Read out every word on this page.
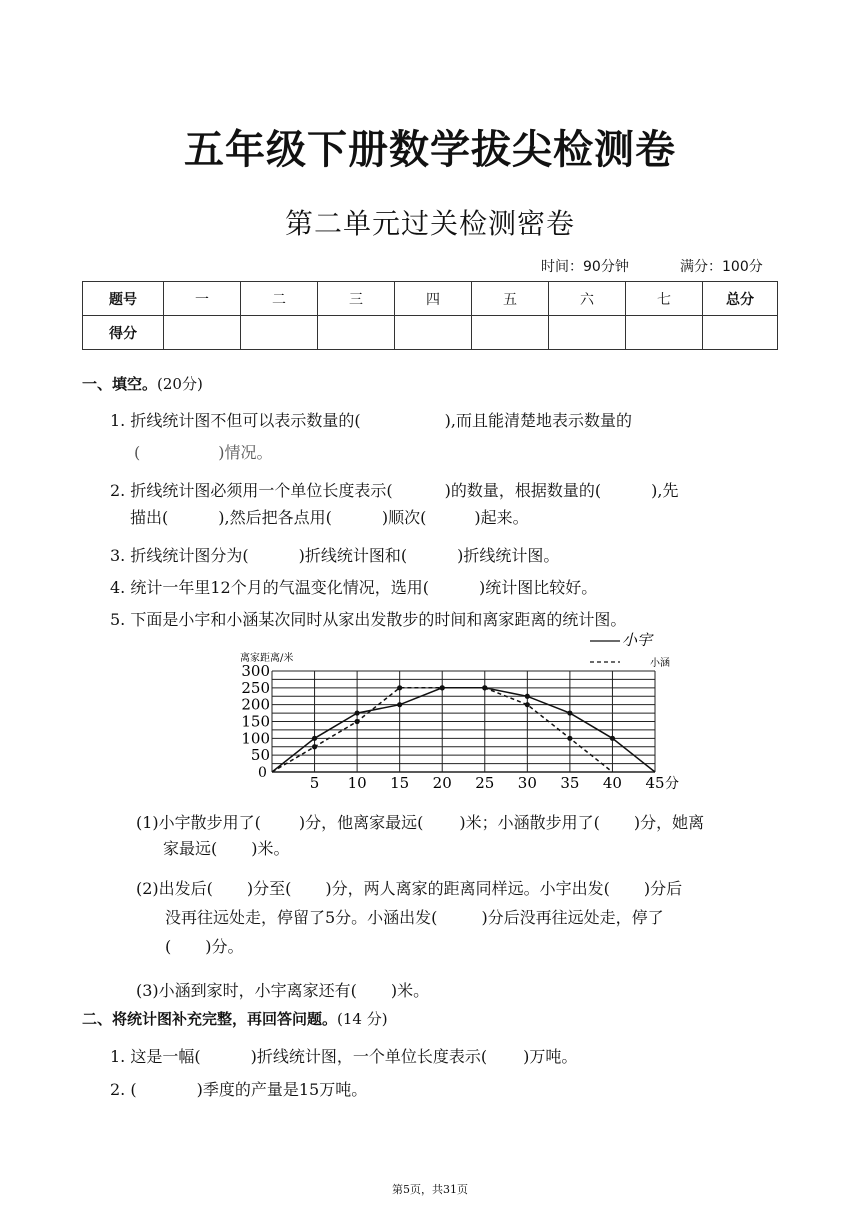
五年级下册数学拔尖检测卷
第二单元过关检测密卷
时间：90分钟	满分：100分
题号	一	二	三	四	五	六	七	总分
得分								
一、填空。(20分)
1. 折线统计图不但可以表示数量的(	),而且能清楚地表示数量的
(	)情况。
2. 折线统计图必须用一个单位长度表示(	)的数量，根据数量的(	),先
描出(	),然后把各点用(	)顺次(	)起来。
3. 折线统计图分为(	)折线统计图和(	)折线统计图。
4. 统计一年里12个月的气温变化情况，选用(	)统计图比较好。
5. 下面是小宇和小涵某次同时从家出发散步的时间和离家距离的统计图。
300
250
200
150
100
50
5 10 15 20 25 30 35 40 45
小宇
小涵
离家距离/米
0
分
(1)小宇散步用了( )分，他离家最远( )米；小涵散步用了( )分，她离
家最远( )米。
(2)出发后( )分至( )分，两人离家的距离同样远。小宇出发( )分后
没再往远处走，停留了5分。小涵出发(	)分后没再往远处走，停了
( )分。
(3)小涵到家时，小宇离家还有( )米。
二、将统计图补充完整，再回答问题。(14 分)
1. 这是一幅(	)折线统计图，一个单位长度表示( )万吨。
2. (	)季度的产量是15万吨。
第5页，共31页
